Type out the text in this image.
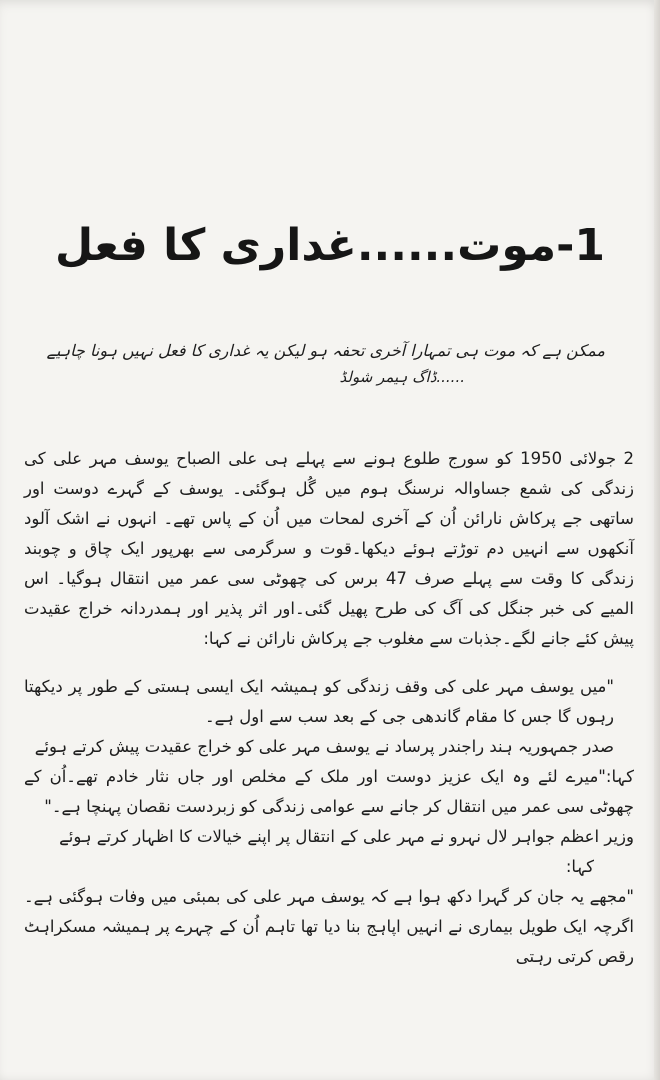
1-موت......غداری کا فعل
ممکن ہے کہ موت ہی تمہارا آخری تحفہ ہو لیکن یہ غداری کا فعل نہیں ہونا چاہیے
......ڈاگ ہیمر شولڈ

2 جولائی 1950 کو سورج طلوع ہونے سے پہلے ہی علی الصباح یوسف مہر علی کی زندگی کی شمع جساوالہ نرسنگ ہوم میں گُل ہوگئی۔ یوسف کے گہرے دوست اور ساتھی جے پرکاش نارائن اُن کے آخری لمحات میں اُن کے پاس تھے۔ انہوں نے اشک آلود آنکھوں سے انہیں دم توڑتے ہوئے دیکھا۔قوت و سرگرمی سے بھرپور ایک چاق و چوبند زندگی کا وقت سے پہلے صرف 47 برس کی چھوٹی سی عمر میں انتقال ہوگیا۔ اس المیے کی خبر جنگل کی آگ کی طرح پھیل گئی۔اور اثر پذیر اور ہمدردانہ خراج عقیدت پیش کئے جانے لگے۔جذبات سے مغلوب جے پرکاش نارائن نے کہا:

"میں یوسف مہر علی کی وقف زندگی کو ہمیشہ ایک ایسی ہستی کے طور پر دیکھتا رہوں گا جس کا مقام گاندھی جی کے بعد سب سے اول ہے۔

صدر جمہوریہ ہند راجندر پرساد نے یوسف مہر علی کو خراج عقیدت پیش کرتے ہوئے

کہا:"میرے لئے وہ ایک عزیز دوست اور ملک کے مخلص اور جاں نثار خادم تھے۔اُن کے چھوٹی سی عمر میں انتقال کر جانے سے عوامی زندگی کو زبردست نقصان پہنچا ہے۔"

وزیر اعظم جواہر لال نہرو نے مہر علی کے انتقال پر اپنے خیالات کا اظہار کرتے ہوئے

کہا:

"مجھے یہ جان کر گہرا دکھ ہوا ہے کہ یوسف مہر علی کی بمبئی میں وفات ہوگئی ہے۔ اگرچہ ایک طویل بیماری نے انہیں اپاہج بنا دیا تھا تاہم اُن کے چہرے پر ہمیشہ مسکراہٹ رقص کرتی رہتی
